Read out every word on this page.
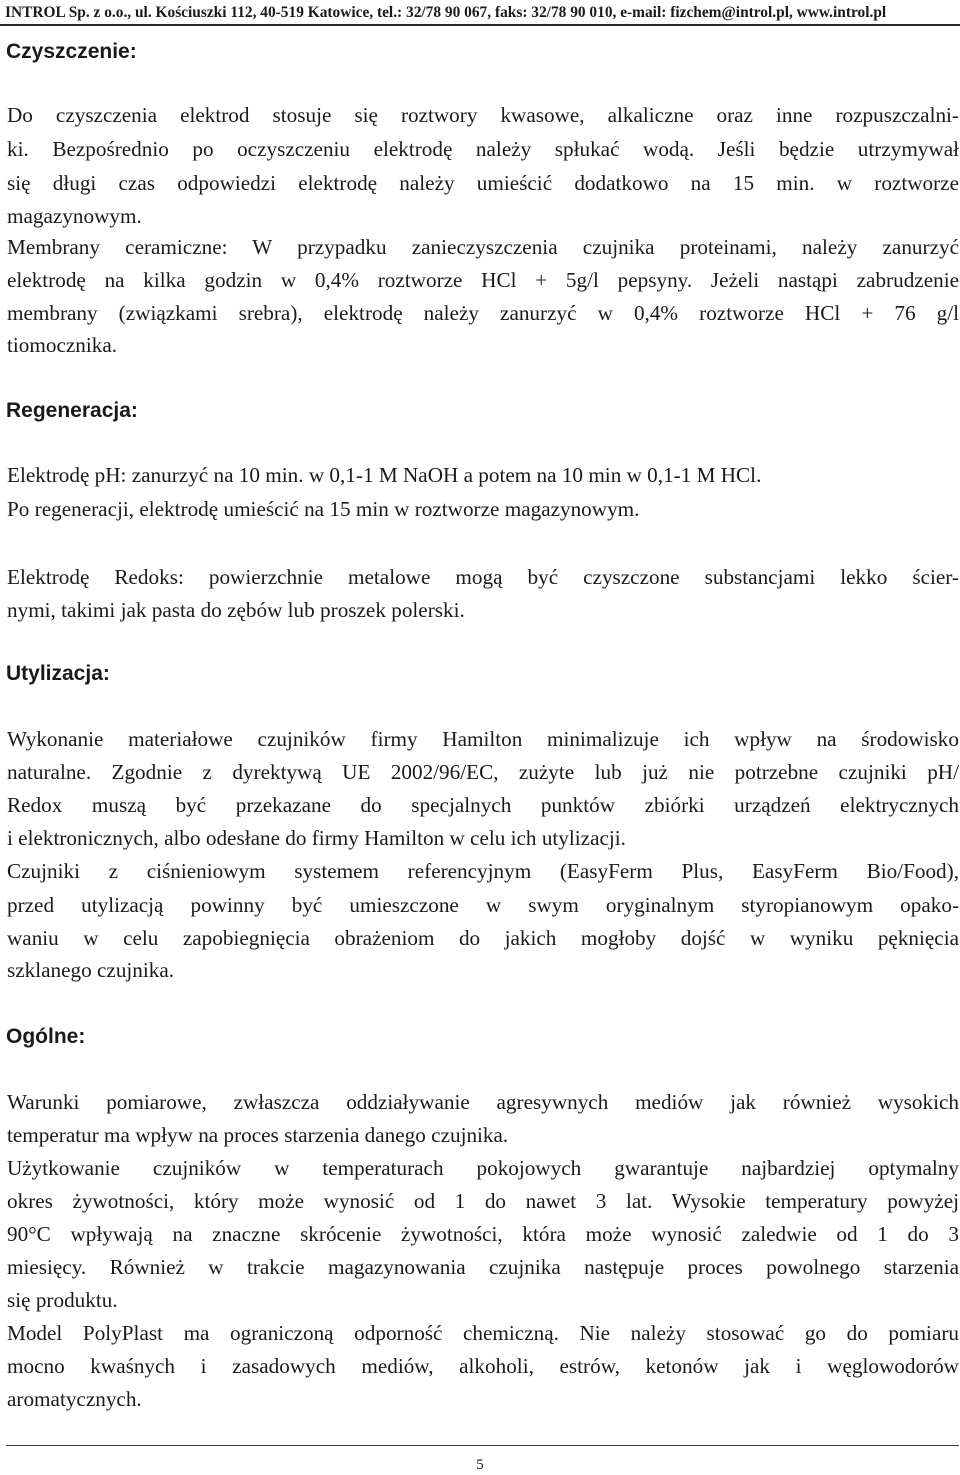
INTROL Sp. z o.o., ul. Kościuszki 112, 40-519 Katowice, tel.: 32/78 90 067, faks: 32/78 90 010, e-mail: fizchem@introl.pl, www.introl.pl
Czyszczenie:
Do czyszczenia elektrod stosuje się roztwory kwasowe, alkaliczne oraz inne rozpuszczalni-
ki. Bezpośrednio po oczyszczeniu elektrodę należy spłukać wodą. Jeśli będzie utrzymywał
się długi czas odpowiedzi elektrodę należy umieścić dodatkowo na 15 min. w roztworze
magazynowym.
Membrany ceramiczne: W przypadku zanieczyszczenia czujnika proteinami, należy zanurzyć
elektrodę na kilka godzin w 0,4% roztworze HCl + 5g/l pepsyny. Jeżeli nastąpi zabrudzenie
membrany (związkami srebra), elektrodę należy zanurzyć w 0,4% roztworze HCl + 76 g/l
tiomocznika.
Regeneracja:
Elektrodę pH: zanurzyć na 10 min. w 0,1-1 M NaOH a potem na 10 min w 0,1-1 M HCl.
Po regeneracji, elektrodę umieścić na 15 min w roztworze magazynowym.
Elektrodę Redoks: powierzchnie metalowe mogą być czyszczone substancjami lekko ścier-
nymi, takimi jak pasta do zębów lub proszek polerski.
Utylizacja:
Wykonanie materiałowe czujników firmy Hamilton minimalizuje ich wpływ na środowisko
naturalne. Zgodnie z dyrektywą UE 2002/96/EC, zużyte lub już nie potrzebne czujniki pH/
Redox muszą być przekazane do specjalnych punktów zbiórki urządzeń elektrycznych
i elektronicznych, albo odesłane do firmy Hamilton w celu ich utylizacji.
Czujniki z ciśnieniowym systemem referencyjnym (EasyFerm Plus, EasyFerm Bio/Food),
przed utylizacją powinny być umieszczone w swym oryginalnym styropianowym opako-
waniu w celu zapobiegnięcia obrażeniom do jakich mogłoby dojść w wyniku pęknięcia
szklanego czujnika.
Ogólne:
Warunki pomiarowe, zwłaszcza oddziaływanie agresywnych mediów jak również wysokich
temperatur ma wpływ na proces starzenia danego czujnika.
Użytkowanie czujników w temperaturach pokojowych gwarantuje najbardziej optymalny
okres żywotności, który może wynosić od 1 do nawet 3 lat. Wysokie temperatury powyżej
90°C wpływają na znaczne skrócenie żywotności, która może wynosić zaledwie od 1 do 3
miesięcy. Również w trakcie magazynowania czujnika następuje proces powolnego starzenia
się produktu.
Model PolyPlast ma ograniczoną odporność chemiczną. Nie należy stosować go do pomiaru
mocno kwaśnych i zasadowych mediów, alkoholi, estrów, ketonów jak i węglowodorów
aromatycznych.
5
